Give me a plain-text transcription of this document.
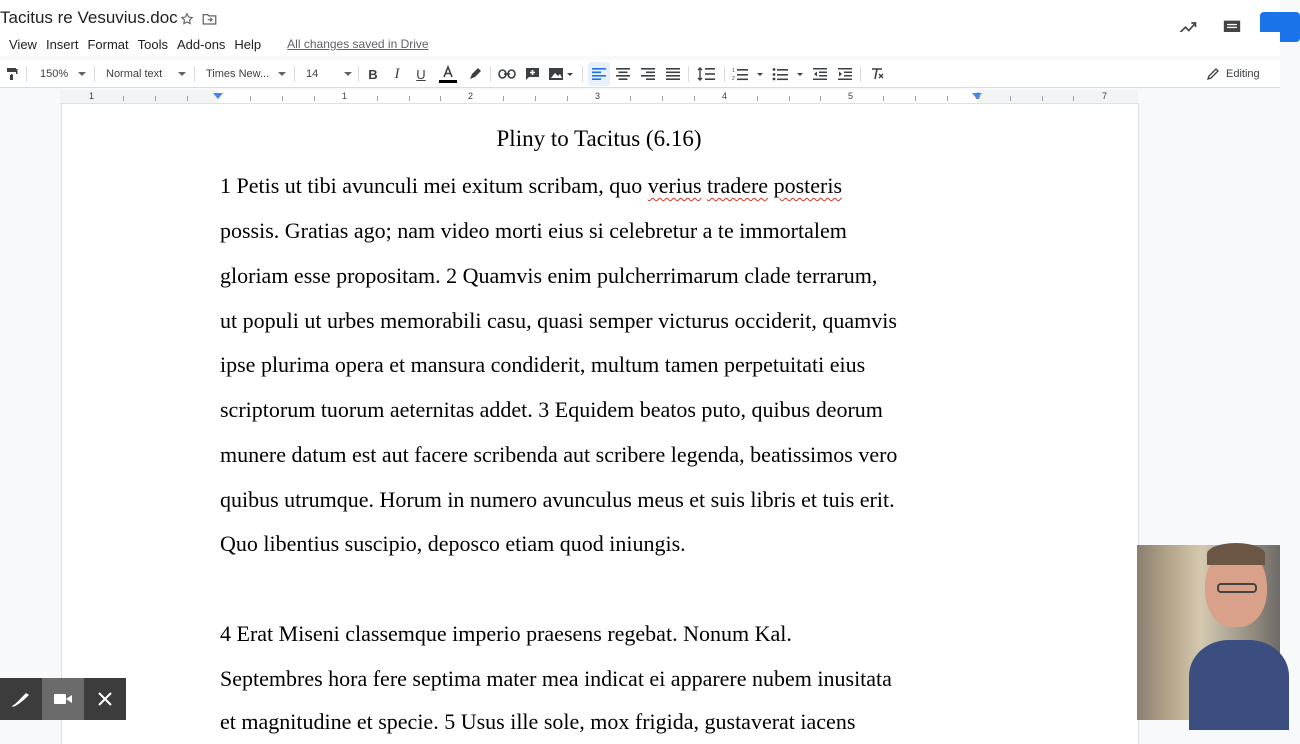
Tacitus re Vesuvius.doc
View Insert Format Tools Add-ons Help	All changes saved in Drive
150%	Normal text	Times New...	14	B	I	U	1
2	Editing
1	1	2	3	4	5	6	7
Pliny to Tacitus (6.16)
1 Petis ut tibi avunculi mei exitum scribam, quo verius tradere posteris
possis. Gratias ago; nam video morti eius si celebretur a te immortalem
gloriam esse propositam. 2 Quamvis enim pulcherrimarum clade terrarum,
ut populi ut urbes memorabili casu, quasi semper victurus occiderit, quamvis
ipse plurima opera et mansura condiderit, multum tamen perpetuitati eius
scriptorum tuorum aeternitas addet. 3 Equidem beatos puto, quibus deorum
munere datum est aut facere scribenda aut scribere legenda, beatissimos vero
quibus utrumque. Horum in numero avunculus meus et suis libris et tuis erit.
Quo libentius suscipio, deposco etiam quod iniungis.
4 Erat Miseni classemque imperio praesens regebat. Nonum Kal.
Septembres hora fere septima mater mea indicat ei apparere nubem inusitata
et magnitudine et specie. 5 Usus ille sole, mox frigida, gustaverat iacens
